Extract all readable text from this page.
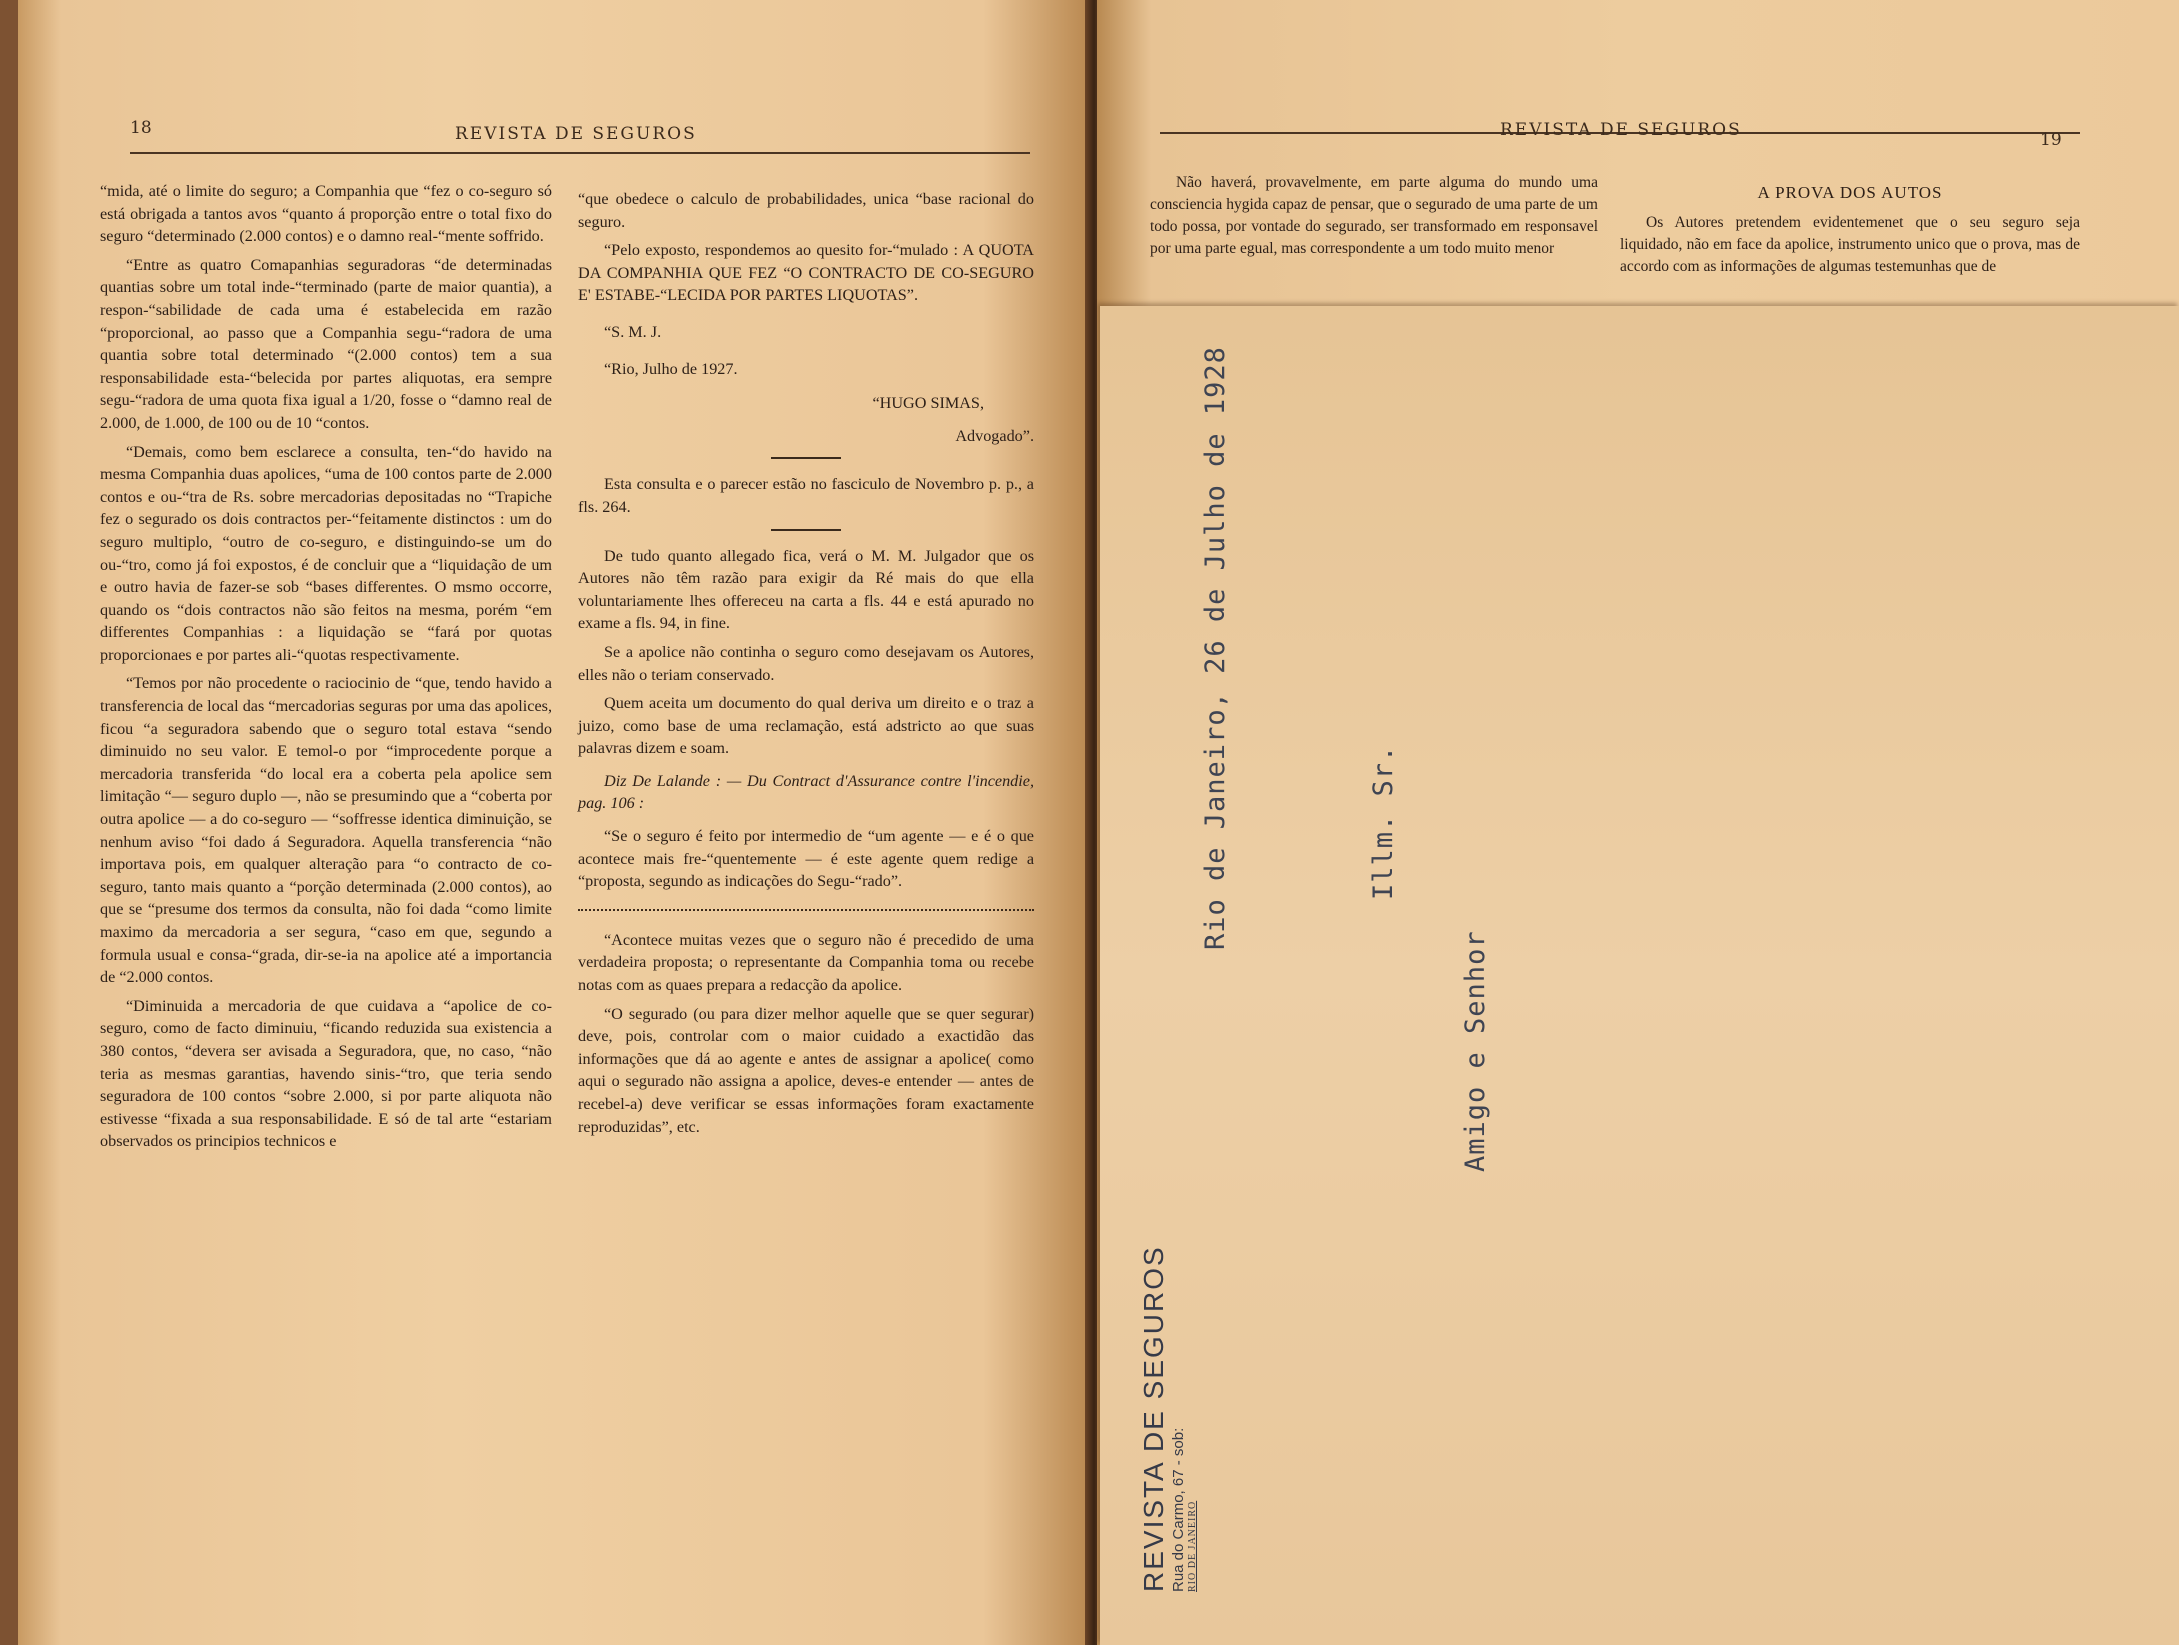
18	REVISTA DE SEGUROS

“mida, até o limite do seguro; a Companhia que “fez o co-seguro só está obrigada a tantos avos “quanto á proporção entre o total fixo do seguro “determinado (2.000 contos) e o damno real-“mente soffrido.

“Entre as quatro Comapanhias seguradoras “de determinadas quantias sobre um total inde-“terminado (parte de maior quantia), a respon-“sabilidade de cada uma é estabelecida em razão “proporcional, ao passo que a Companhia segu-“radora de uma quantia sobre total determinado “(2.000 contos) tem a sua responsabilidade esta-“belecida por partes aliquotas, era sempre segu-“radora de uma quota fixa igual a 1/20, fosse o “damno real de 2.000, de 1.000, de 100 ou de 10 “contos.

“Demais, como bem esclarece a consulta, ten-“do havido na mesma Companhia duas apolices, “uma de 100 contos parte de 2.000 contos e ou-“tra de Rs. sobre mercadorias depositadas no “Trapiche fez o segurado os dois contractos per-“feitamente distinctos : um do seguro multiplo, “outro de co-seguro, e distinguindo-se um do ou-“tro, como já foi expostos, é de concluir que a “liquidação de um e outro havia de fazer-se sob “bases differentes. O msmo occorre, quando os “dois contractos não são feitos na mesma, porém “em differentes Companhias : a liquidação se “fará por quotas proporcionaes e por partes ali-“quotas respectivamente.

“Temos por não procedente o raciocinio de “que, tendo havido a transferencia de local das “mercadorias seguras por uma das apolices, ficou “a seguradora sabendo que o seguro total estava “sendo diminuido no seu valor. E temol-o por “improcedente porque a mercadoria transferida “do local era a coberta pela apolice sem limitação “— seguro duplo —, não se presumindo que a “coberta por outra apolice — a do co-seguro — “soffresse identica diminuição, se nenhum aviso “foi dado á Seguradora. Aquella transferencia “não importava pois, em qualquer alteração para “o contracto de co-seguro, tanto mais quanto a “porção determinada (2.000 contos), ao que se “presume dos termos da consulta, não foi dada “como limite maximo da mercadoria a ser segura, “caso em que, segundo a formula usual e consa-“grada, dir-se-ia na apolice até a importancia de “2.000 contos.

“Diminuida a mercadoria de que cuidava a “apolice de co-seguro, como de facto diminuiu, “ficando reduzida sua existencia a 380 contos, “devera ser avisada a Seguradora, que, no caso, “não teria as mesmas garantias, havendo sinis-“tro, que teria sendo seguradora de 100 contos “sobre 2.000, si por parte aliquota não estivesse “fixada a sua responsabilidade. E só de tal arte “estariam observados os principios technicos e

“que obedece o calculo de probabilidades, unica “base racional do seguro.

“Pelo exposto, respondemos ao quesito for-“mulado : A QUOTA DA COMPANHIA QUE FEZ “O CONTRACTO DE CO-SEGURO E' ESTABE-“LECIDA POR PARTES LIQUOTAS”.

“S. M. J.

“Rio, Julho de 1927.

“HUGO SIMAS,

Advogado”.

Esta consulta e o parecer estão no fasciculo de Novembro p. p., a fls. 264.

De tudo quanto allegado fica, verá o M. M. Julgador que os Autores não têm razão para exigir da Ré mais do que ella voluntariamente lhes offereceu na carta a fls. 44 e está apurado no exame a fls. 94, in fine.

Se a apolice não continha o seguro como desejavam os Autores, elles não o teriam conservado.

Quem aceita um documento do qual deriva um direito e o traz a juizo, como base de uma reclamação, está adstricto ao que suas palavras dizem e soam.

Diz De Lalande : — Du Contract d'Assurance contre l'incendie, pag. 106 :

“Se o seguro é feito por intermedio de “um agente — e é o que acontece mais fre-“quentemente — é este agente quem redige a “proposta, segundo as indicações do Segu-“rado”.

“Acontece muitas vezes que o seguro não é precedido de uma verdadeira proposta; o representante da Companhia toma ou recebe notas com as quaes prepara a redacção da apolice.

“O segurado (ou para dizer melhor aquelle que se quer segurar) deve, pois, controlar com o maior cuidado a exactidão das informações que dá ao agente e antes de assignar a apolice( como aqui o segurado não assigna a apolice, deves-e entender — antes de recebel-a) deve verificar se essas informações foram exactamente reproduzidas”, etc.

REVISTA DE SEGUROS	19

Não haverá, provavelmente, em parte alguma do mundo uma consciencia hygida capaz de pensar, que o segurado de uma parte de um todo possa, por vontade do segurado, ser transformado em responsavel por uma parte egual, mas correspondente a um todo muito menor

A PROVA DOS AUTOS

Os Autores pretendem evidentemenet que o seu seguro seja liquidado, não em face da apolice, instrumento unico que o prova, mas de accordo com as informações de algumas testemunhas que de

Rio de Janeiro, 26 de Julho de 1928	Illm. Sr.
Amigo e Senhor
REVISTA DE SEGUROS Rua do Carmo, 67 - sob: RIO DE JANEIRO
